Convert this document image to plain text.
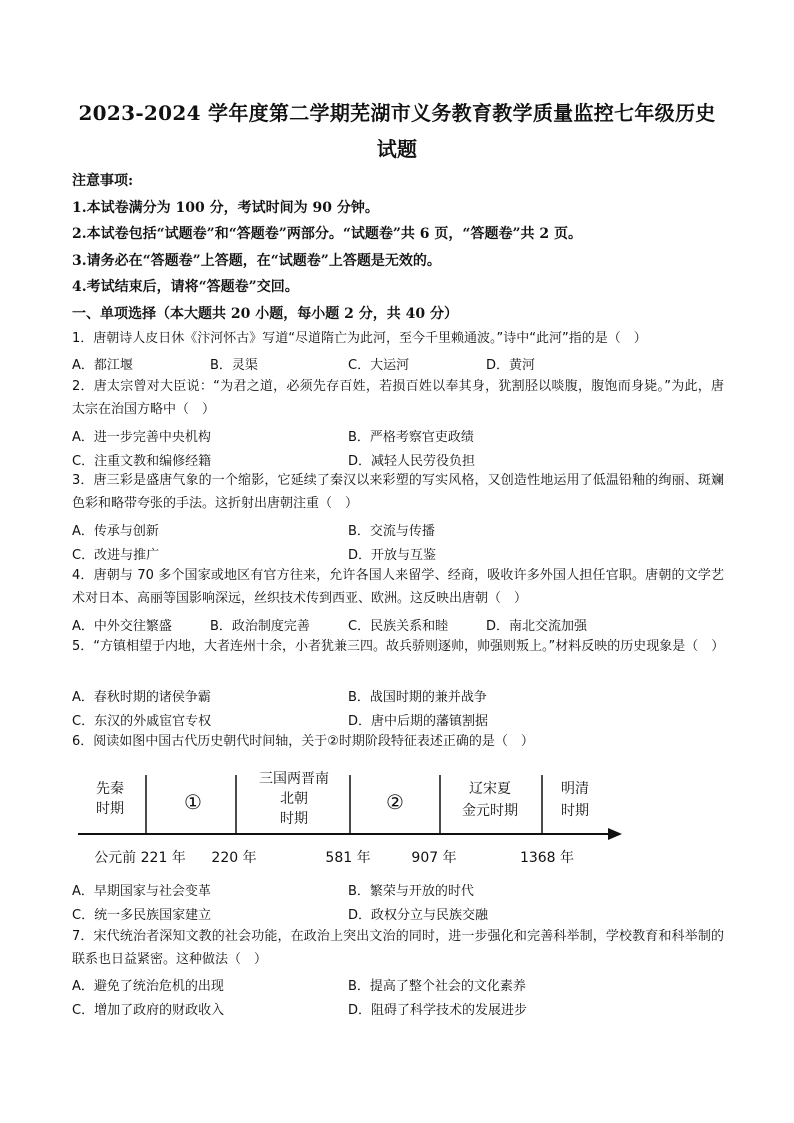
2023-2024 学年度第二学期芜湖市义务教育教学质量监控七年级历史
试题
注意事项:
1.本试卷满分为 100 分，考试时间为 90 分钟。
2.本试卷包括“试题卷”和“答题卷”两部分。“试题卷”共 6 页，“答题卷”共 2 页。
3.请务必在“答题卷”上答题，在“试题卷”上答题是无效的。
4.考试结束后，请将“答题卷”交回。
一、单项选择（本大题共 20 小题，每小题 2 分，共 40 分）
1．唐朝诗人皮日休《汴河怀古》写道“尽道隋亡为此河，至今千里赖通波。”诗中“此河”指的是（　）
A．都江堰	B．灵渠	C．大运河	D．黄河
2．唐太宗曾对大臣说：“为君之道，必须先存百姓，若损百姓以奉其身，犹割胫以啖腹，腹饱而身毙。”为此，唐太宗在治国方略中（　）
A．进一步完善中央机构	B．严格考察官吏政绩
C．注重文教和编修经籍	D．减轻人民劳役负担
3．唐三彩是盛唐气象的一个缩影，它延续了秦汉以来彩塑的写实风格，又创造性地运用了低温铅釉的绚丽、斑斓色彩和略带夸张的手法。这折射出唐朝注重（　）
A．传承与创新	B．交流与传播
C．改进与推广	D．开放与互鉴
4．唐朝与 70 多个国家或地区有官方往来，允许各国人来留学、经商，吸收许多外国人担任官职。唐朝的文学艺术对日本、高丽等国影响深远，丝织技术传到西亚、欧洲。这反映出唐朝（　）
A．中外交往繁盛	B．政治制度完善	C．民族关系和睦	D．南北交流加强
5．“方镇相望于内地，大者连州十余，小者犹兼三四。故兵骄则逐帅，帅强则叛上。”材料反映的历史现象是（　）
A．春秋时期的诸侯争霸	B．战国时期的兼并战争
C．东汉的外戚宦官专权	D．唐中后期的藩镇割据
6．阅读如图中国古代历史朝代时间轴，关于②时期阶段特征表述正确的是（　）
先秦
时期	①
三国两晋南
北朝
时期
②
辽宋夏
金元时期
明清
时期
公元前 221 年 220 年	581 年	907 年	1368 年
A．早期国家与社会变革	B．繁荣与开放的时代
C．统一多民族国家建立	D．政权分立与民族交融
7．宋代统治者深知文教的社会功能，在政治上突出文治的同时，进一步强化和完善科举制，学校教育和科举制的联系也日益紧密。这种做法（　）
A．避免了统治危机的出现	B．提高了整个社会的文化素养
C．增加了政府的财政收入	D．阻碍了科学技术的发展进步
